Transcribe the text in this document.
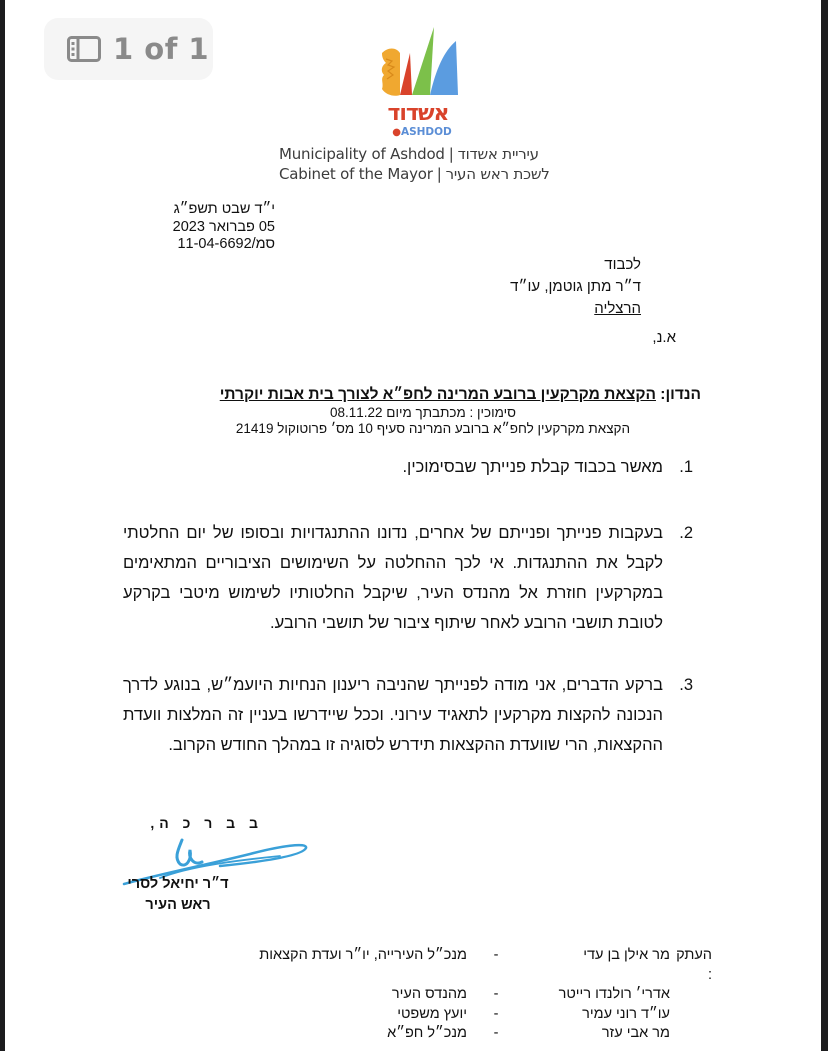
1 of 1
אשדוד
●ASHDOD
Municipality of Ashdod | עיריית אשדוד
Cabinet of the Mayor | לשכת ראש העיר
י״ד שבט תשפ״ג
05 פברואר 2023
סמ/11-04-6692
לכבוד
ד״ר מתן גוטמן, עו״ד
הרצליה
א.נ,
הנדון: הקצאת מקרקעין ברובע המרינה לחפ״א לצורך בית אבות יוקרתי
סימוכין : מכתבתך מיום 08.11.22
הקצאת מקרקעין לחפ״א ברובע המרינה סעיף 10 מס׳ פרוטוקול 21419
1.
מאשר בכבוד קבלת פנייתך שבסימוכין.
2.
בעקבות פנייתך ופנייתם של אחרים, נדונו ההתנגדויות ובסופו של יום החלטתי לקבל את ההתנגדות. אי לכך ההחלטה על השימושים הציבוריים המתאימים במקרקעין חוזרת אל מהנדס העיר, שיקבל החלטותיו לשימוש מיטבי בקרקע לטובת תושבי הרובע לאחר שיתוף ציבור של תושבי הרובע.
3.
ברקע הדברים, אני מודה לפנייתך שהניבה ריענון הנחיות היועמ״ש, בנוגע לדרך הנכונה להקצות מקרקעין לתאגיד עירוני. וככל שיידרשו בעניין זה המלצות וועדת ההקצאות, הרי שוועדת ההקצאות תידרש לסוגיה זו במהלך החודש הקרוב.
ב ב ר כ ה,
ד״ר יחיאל לסרי
ראש העיר
העתק :
מר אילן בן עדי
-
מנכ״ל העירייה, יו״ר ועדת הקצאות
אדרי׳ רולנדו רייטר
-
מהנדס העיר
עו״ד רוני עמיר
-
יועץ משפטי
מר אבי עזר
-
מנכ״ל חפ״א
